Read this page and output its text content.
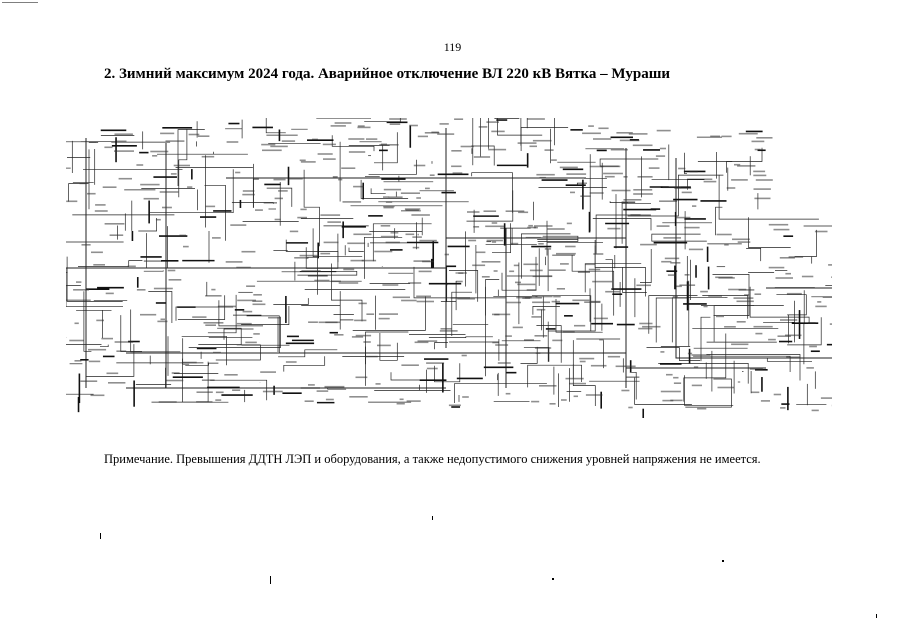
119
2. Зимний максимум 2024 года. Аварийное отключение ВЛ 220 кВ Вятка – Мураши
Примечание. Превышения ДДТН ЛЭП и оборудования, а также недопустимого снижения уровней напряжения не имеется.
